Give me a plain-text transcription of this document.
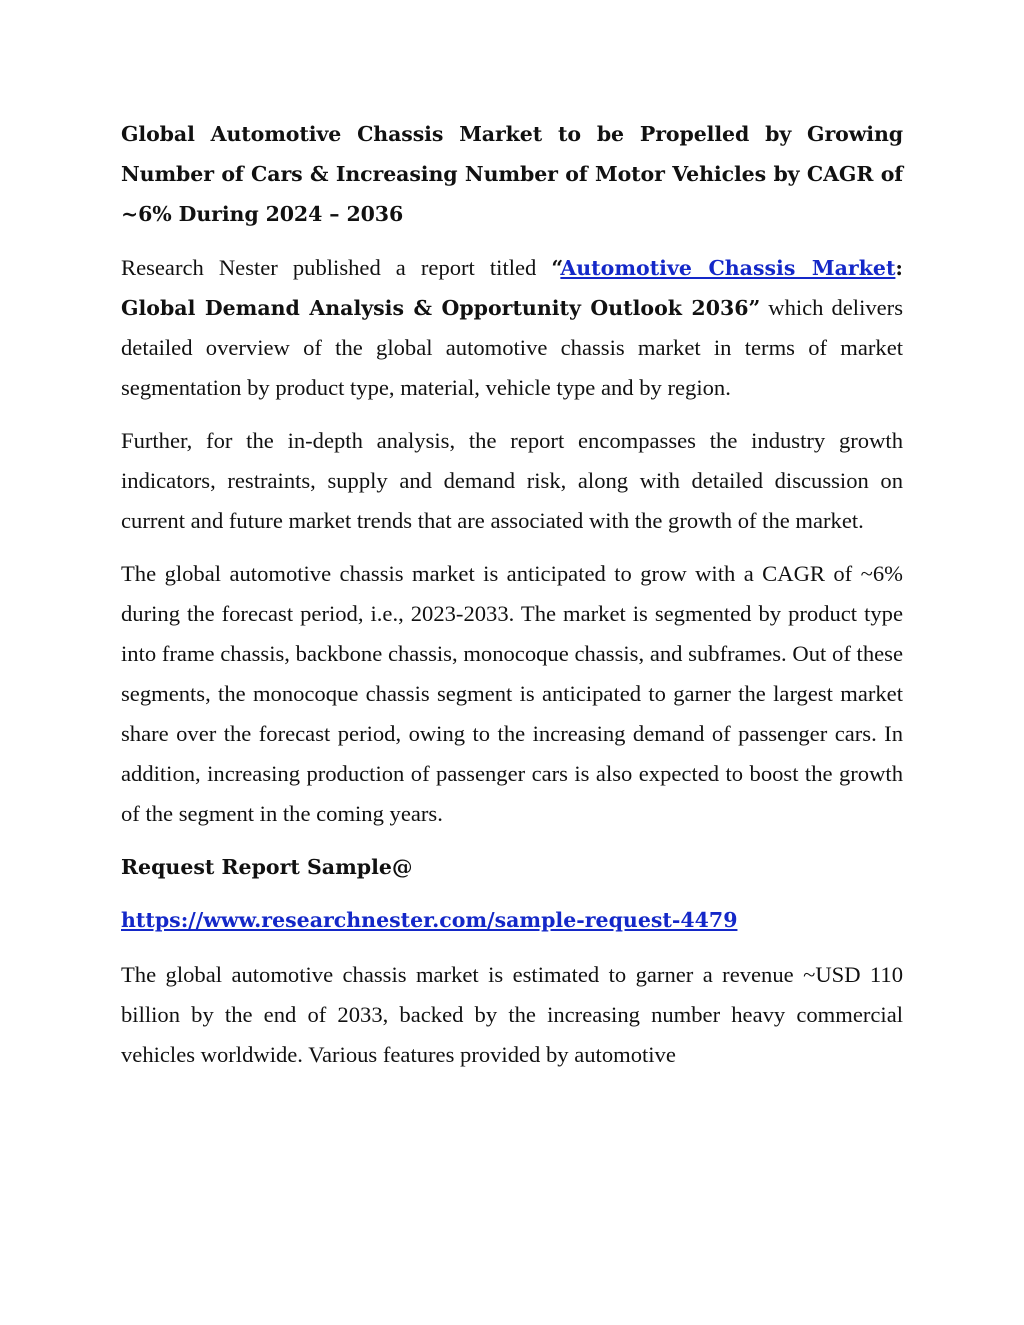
Global Automotive Chassis Market to be Propelled by Growing Number of Cars & Increasing Number of Motor Vehicles by CAGR of ~6% During 2024 – 2036

Research Nester published a report titled “Automotive Chassis Market: Global Demand Analysis & Opportunity Outlook 2036” which delivers detailed overview of the global automotive chassis market in terms of market segmentation by product type, material, vehicle type and by region.

Further, for the in-depth analysis, the report encompasses the industry growth indicators, restraints, supply and demand risk, along with detailed discussion on current and future market trends that are associated with the growth of the market.

The global automotive chassis market is anticipated to grow with a CAGR of ~6% during the forecast period, i.e., 2023-2033. The market is segmented by product type into frame chassis, backbone chassis, monocoque chassis, and subframes. Out of these segments, the monocoque chassis segment is anticipated to garner the largest market share over the forecast period, owing to the increasing demand of passenger cars. In addition, increasing production of passenger cars is also expected to boost the growth of the segment in the coming years.

Request Report Sample@
https://www.researchnester.com/sample-request-4479

The global automotive chassis market is estimated to garner a revenue ~USD 110 billion by the end of 2033, backed by the increasing number heavy commercial vehicles worldwide. Various features provided by automotive
